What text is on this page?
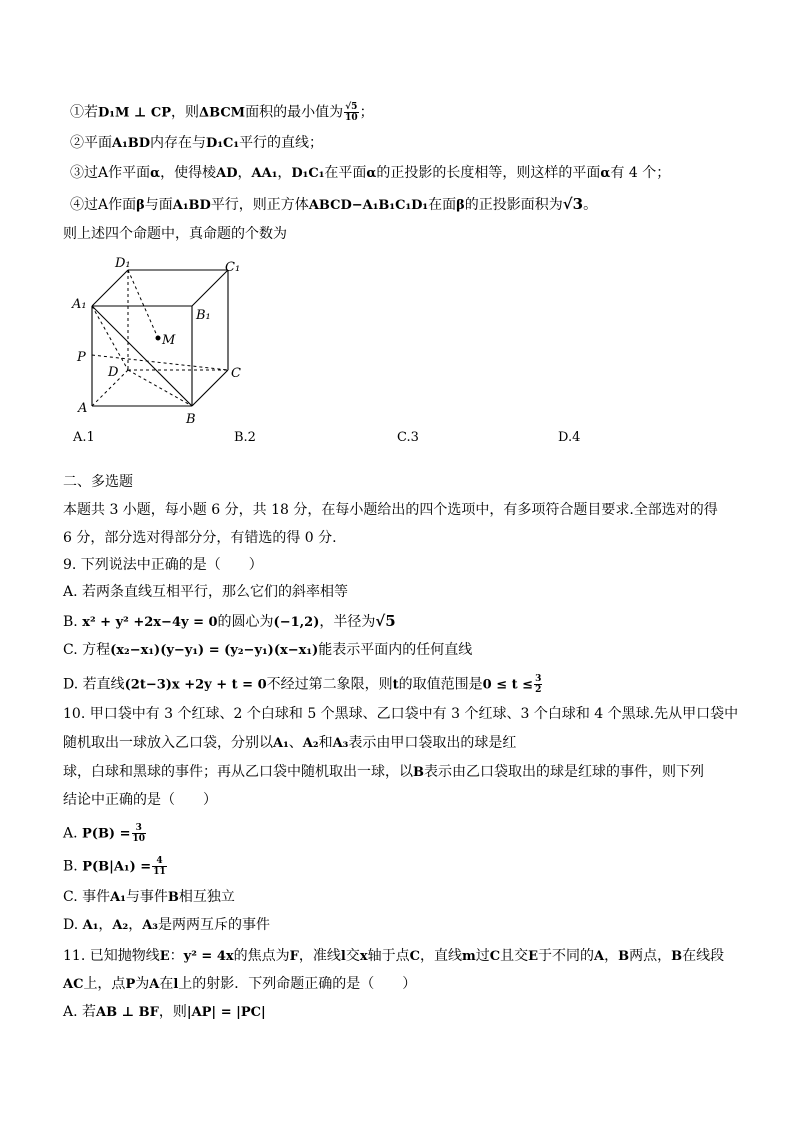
①若D₁M ⊥ CP，则ΔBCM面积的最小值为 $\frac{√5}{10}$ ；
②平面A₁BD内存在与D₁C₁平行的直线；
③过A作平面α，使得棱AD，AA₁，D₁C₁在平面α的正投影的长度相等，则这样的平面α有 4 个；
④过A作面β与面A₁BD平行，则正方体ABCD−A₁B₁C₁D₁在面β的正投影面积为√3。
则上述四个命题中，真命题的个数为
D₁	C₁
A₁
B₁
M
P
D	C
A
B
A.1	B.2	C.3	D.4
二、多选题
本题共 3 小题，每小题 6 分，共 18 分，在每小题给出的四个选项中，有多项符合题目要求.全部选对的得
6 分，部分选对得部分分，有错选的得 0 分.
9. 下列说法中正确的是（　　）
A. 若两条直线互相平行，那么它们的斜率相等
B. x² + y² +2x−4y = 0的圆心为(−1,2)，半径为√5
C. 方程(x₂−x₁)(y−y₁) = (y₂−y₁)(x−x₁)能表示平面内的任何直线
D. 若直线(2t−3)x +2y + t = 0不经过第二象限，则t的取值范围是$0 \le t \le \frac{3}{2}$
10. 甲口袋中有 3 个红球、2 个白球和 5 个黑球、乙口袋中有 3 个红球、3 个白球和 4 个黑球.先从甲口袋中
随机取出一球放入乙口袋，分别以A₁、A₂和A₃表示由甲口袋取出的球是红
球，白球和黑球的事件；再从乙口袋中随机取出一球，以B表示由乙口袋取出的球是红球的事件，则下列
结论中正确的是（　　）
A. $P(B) = \frac{3}{10}$
B. $P(B|A_1) = \frac{4}{11}$
C. 事件A₁与事件B相互独立
D. A₁，A₂，A₃是两两互斥的事件
11. 已知抛物线E：y² = 4x的焦点为F，准线l交x轴于点C，直线m过C且交E于不同的A，B两点，B在线段
AC上，点P为A在l上的射影．下列命题正确的是（　　）
A. 若AB ⊥ BF，则|AP| = |PC|
